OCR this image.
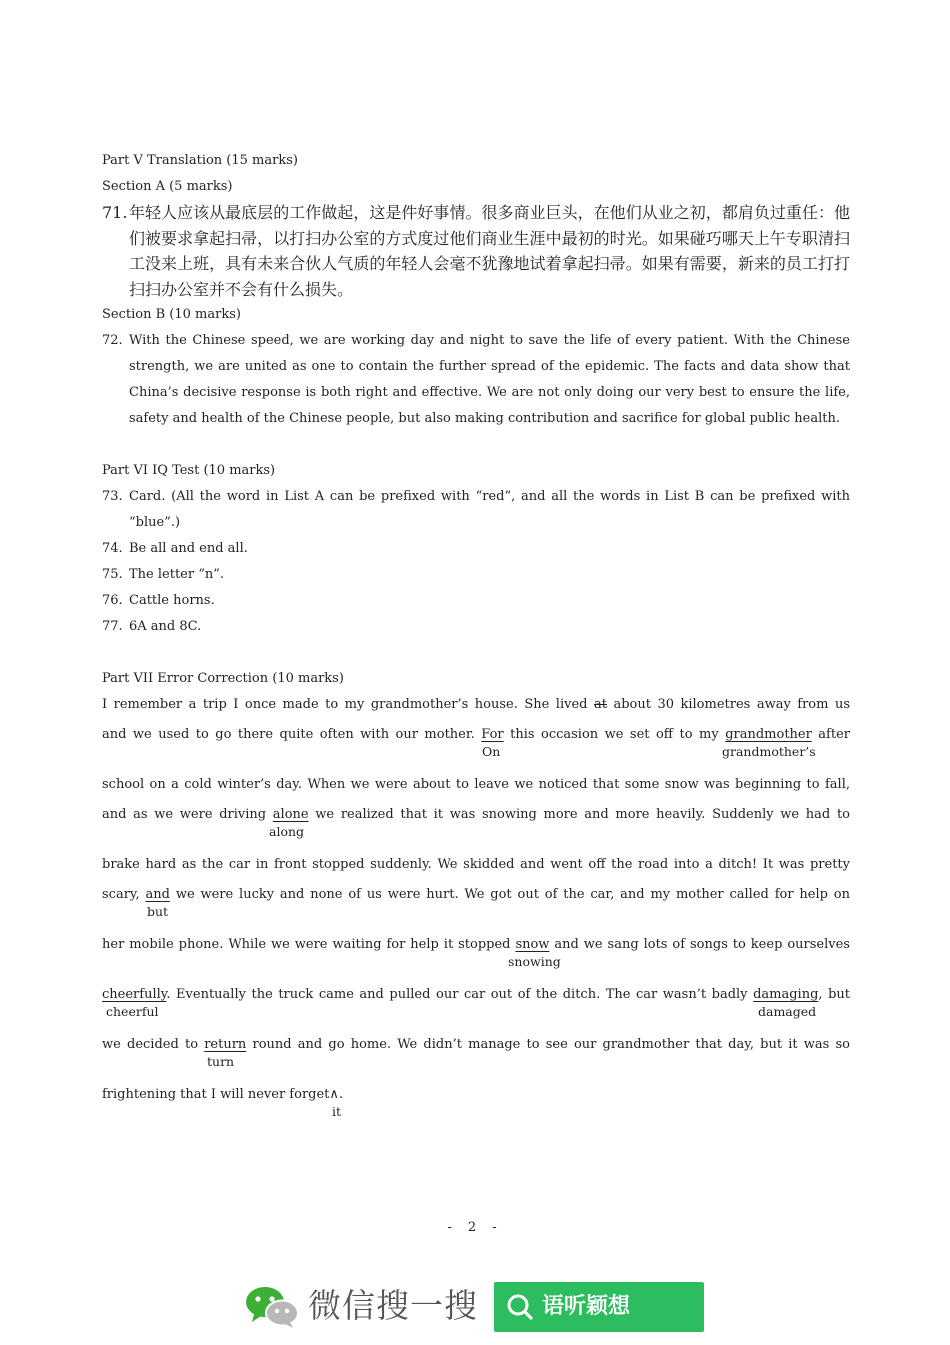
Part V Translation (15 marks)
Section A (5 marks)
71. 年轻人应该从最底层的工作做起，这是件好事情。很多商业巨头，在他们从业之初，都肩负过重任：他们被要求拿起扫帚，以打扫办公室的方式度过他们商业生涯中最初的时光。如果碰巧哪天上午专职清扫工没来上班，具有未来合伙人气质的年轻人会毫不犹豫地试着拿起扫帚。如果有需要，新来的员工打打扫扫办公室并不会有什么损失。
Section B (10 marks)
72. With the Chinese speed, we are working day and night to save the life of every patient. With the Chinese strength, we are united as one to contain the further spread of the epidemic. The facts and data show that China’s decisive response is both right and effective. We are not only doing our very best to ensure the life, safety and health of the Chinese people, but also making contribution and sacrifice for global public health.
Part VI IQ Test (10 marks)
73. Card. (All the word in List A can be prefixed with “red”, and all the words in List B can be prefixed with “blue”.)
74. Be all and end all.
75. The letter “n”.
76. Cattle horns.
77. 6A and 8C.
Part VII Error Correction (10 marks)
I remember a trip I once made to my grandmother’s house. She lived at about 30 kilometres away from us
and we used to go there quite often with our mother. For this occasion we set off to my grandmother after
On	grandmother’s
school on a cold winter’s day. When we were about to leave we noticed that some snow was beginning to fall,
and as we were driving alone we realized that it was snowing more and more heavily. Suddenly we had to
along
brake hard as the car in front stopped suddenly. We skidded and went off the road into a ditch! It was pretty
scary, and we were lucky and none of us were hurt. We got out of the car, and my mother called for help on
but
her mobile phone. While we were waiting for help it stopped snow and we sang lots of songs to keep ourselves
snowing
cheerfully. Eventually the truck came and pulled our car out of the ditch. The car wasn’t badly damaging, but
cheerful	damaged
we decided to return round and go home. We didn’t manage to see our grandmother that day, but it was so
turn
frightening that I will never forget∧.
it
- 2 -
微信搜一搜	语听颖想
